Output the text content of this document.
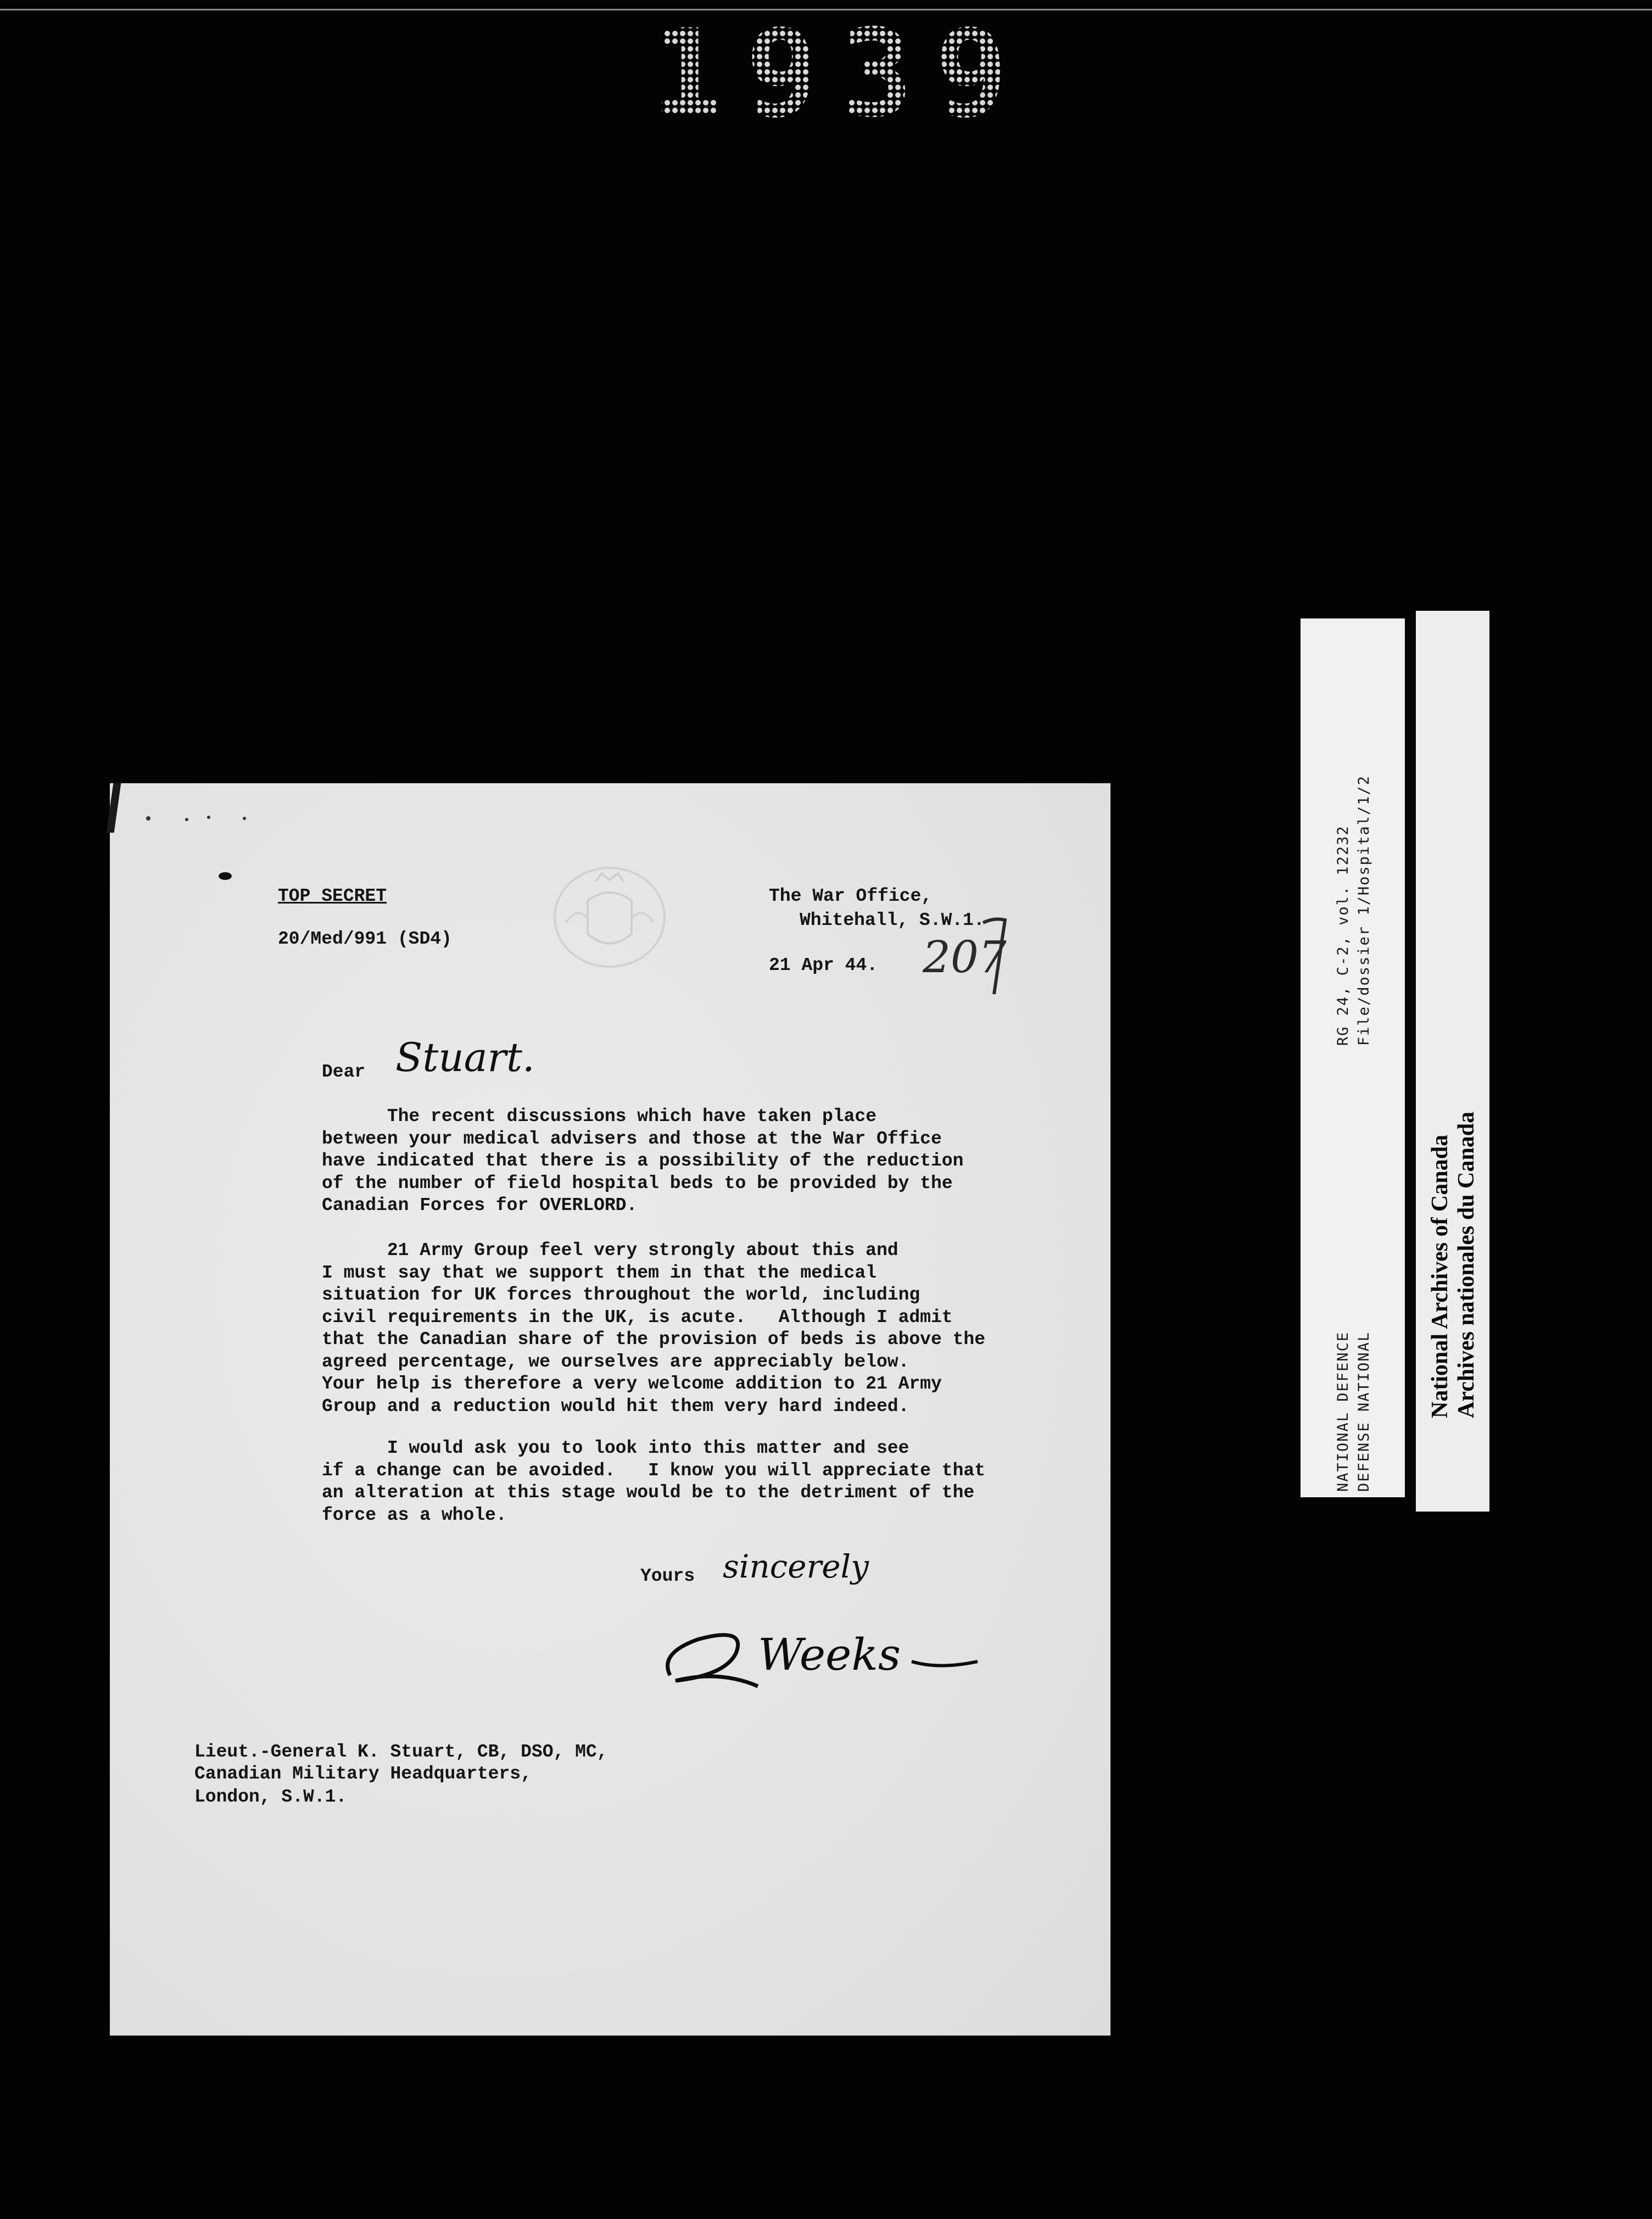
1939
RG 24, C-2, vol. 12232 File/dossier 1/Hospital/1/2
NATIONAL DEFENCE DEFENSE NATIONAL National Archives of Canada Archives nationales du Canada
TOP SECRET
20/Med/991 (SD4)
The War Office,
Whitehall, S.W.1.
21 Apr 44. 207
Dear Stuart.
The recent discussions which have taken place
between your medical advisers and those at the War Office
have indicated that there is a possibility of the reduction
of the number of field hospital beds to be provided by the
Canadian Forces for OVERLORD.
21 Army Group feel very strongly about this and
I must say that we support them in that the medical
situation for UK forces throughout the world, including
civil requirements in the UK, is acute.   Although I admit
that the Canadian share of the provision of beds is above the
agreed percentage, we ourselves are appreciably below.
Your help is therefore a very welcome addition to 21 Army
Group and a reduction would hit them very hard indeed.
I would ask you to look into this matter and see
if a change can be avoided.   I know you will appreciate that
an alteration at this stage would be to the detriment of the
force as a whole.
Yours sincerely
Weeks
Lieut.-General K. Stuart, CB, DSO, MC,
Canadian Military Headquarters,
London, S.W.1.
